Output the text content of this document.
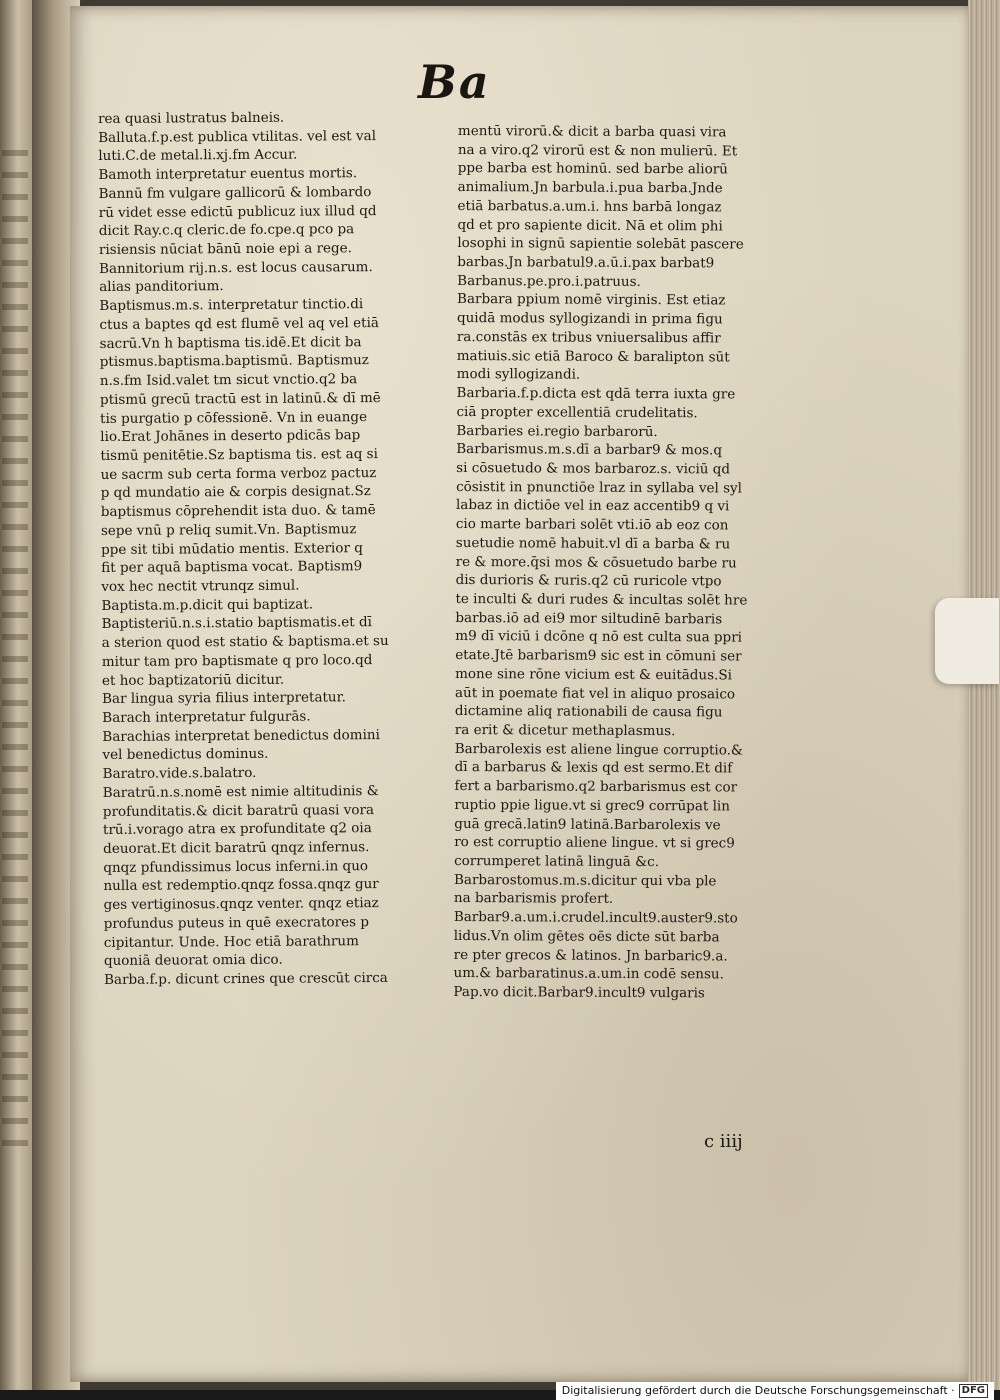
Ba
rea quasi lustratus balneis.
Balluta.f.p.est publica vtilitas. vel est val
luti.C.de metal.li.xj.fm Accur.
Bamoth interpretatur euentus mortis.
Bannū fm vulgare gallicorū & lombardo
rū videt esse edictū publicuz iux illud qd
dicit Ray.c.q cleric.de fo.cpe.q pco pa
risiensis nūciat bānū noie epi a rege.
Bannitorium rij.n.s. est locus causarum.
alias panditorium.
Baptismus.m.s. interpretatur tinctio.di
ctus a baptes qd est flumē vel aq vel etiā
sacrū.Vn h baptisma tis.idē.Et dicit ba
ptismus.baptisma.baptismū. Baptismuz
n.s.fm Isid.valet tm sicut vnctio.q2 ba
ptismū grecū tractū est in latinū.& dī mē
tis purgatio p cōfessionē. Vn in euange
lio.Erat Johānes in deserto pdicās bap
tismū penitētie.Sz baptisma tis. est aq si
ue sacrm sub certa forma verboz pactuz
p qd mundatio aie & corpis designat.Sz
baptismus cōprehendit ista duo. & tamē
sepe vnū p reliq sumit.Vn. Baptismuz
ppe sit tibi mūdatio mentis. Exterior q
fit per aquā baptisma vocat. Baptism9
vox hec nectit vtrunqz simul.
Baptista.m.p.dicit qui baptizat.
Baptisteriū.n.s.i.statio baptismatis.et dī
a sterion quod est statio & baptisma.et su
mitur tam pro baptismate q pro loco.qd
et hoc baptizatoriū dicitur.
Bar lingua syria filius interpretatur.
Barach interpretatur fulgurās.
Barachias interpretat benedictus domini
vel benedictus dominus.
Baratro.vide.s.balatro.
Baratrū.n.s.nomē est nimie altitudinis &
profunditatis.& dicit baratrū quasi vora
trū.i.vorago atra ex profunditate q2 oia
deuorat.Et dicit baratrū qnqz infernus.
qnqz pfundissimus locus inferni.in quo
nulla est redemptio.qnqz fossa.qnqz gur
ges vertiginosus.qnqz venter. qnqz etiaz
profundus puteus in quē execratores p
cipitantur. Unde. Hoc etiā barathrum
quoniā deuorat omia dico.
Barba.f.p. dicunt crines que crescūt circa
mentū virorū.& dicit a barba quasi vira
na a viro.q2 virorū est & non mulierū. Et
ppe barba est hominū. sed barbe aliorū
animalium.Jn barbula.i.pua barba.Jnde
etiā barbatus.a.um.i. hns barbā longaz
qd et pro sapiente dicit. Nā et olim phi
losophi in signū sapientie solebāt pascere
barbas.Jn barbatul9.a.ū.i.pax barbat9
Barbanus.pe.pro.i.patruus.
Barbara ppium nomē virginis. Est etiaz
quidā modus syllogizandi in prima figu
ra.constās ex tribus vniuersalibus affir
matiuis.sic etiā Baroco & baralipton sūt
modi syllogizandi.
Barbaria.f.p.dicta est qdā terra iuxta gre
ciā propter excellentiā crudelitatis.
Barbaries ei.regio barbarorū.
Barbarismus.m.s.dī a barbar9 & mos.q
si cōsuetudo & mos barbaroz.s. viciū qd
cōsistit in pnunctiōe lraz in syllaba vel syl
labaz in dictiōe vel in eaz accentib9 q vi
cio marte barbari solēt vti.iō ab eoz con
suetudie nomē habuit.vl dī a barba & ru
re & more.q̄si mos & cōsuetudo barbe ru
dis durioris & ruris.q2 cū ruricole vtpo
te inculti & duri rudes & incultas solēt hre
barbas.iō ad ei9 mor siltudinē barbaris
m9 dī viciū i dcōne q nō est culta sua ppri
etate.Jtē barbarism9 sic est in cōmuni ser
mone sine rōne vicium est & euitādus.Si
aūt in poemate fiat vel in aliquo prosaico
dictamine aliq rationabili de causa figu
ra erit & dicetur methaplasmus.
Barbarolexis est aliene lingue corruptio.&
dī a barbarus & lexis qd est sermo.Et dif
fert a barbarismo.q2 barbarismus est cor
ruptio ppie ligue.vt si grec9 corrūpat lin
guā grecā.latin9 latinā.Barbarolexis ve
ro est corruptio aliene lingue. vt si grec9
corrumperet latinā linguā &c.
Barbarostomus.m.s.dicitur qui vba ple
na barbarismis profert.
Barbar9.a.um.i.crudel.incult9.auster9.sto
lidus.Vn olim gētes oēs dicte sūt barba
re pter grecos & latinos. Jn barbaric9.a.
um.& barbaratinus.a.um.in codē sensu.
Pap.vo dicit.Barbar9.incult9 vulgaris
c iiij
Digitalisierung gefördert durch die Deutsche Forschungsgemeinschaft · DFG
